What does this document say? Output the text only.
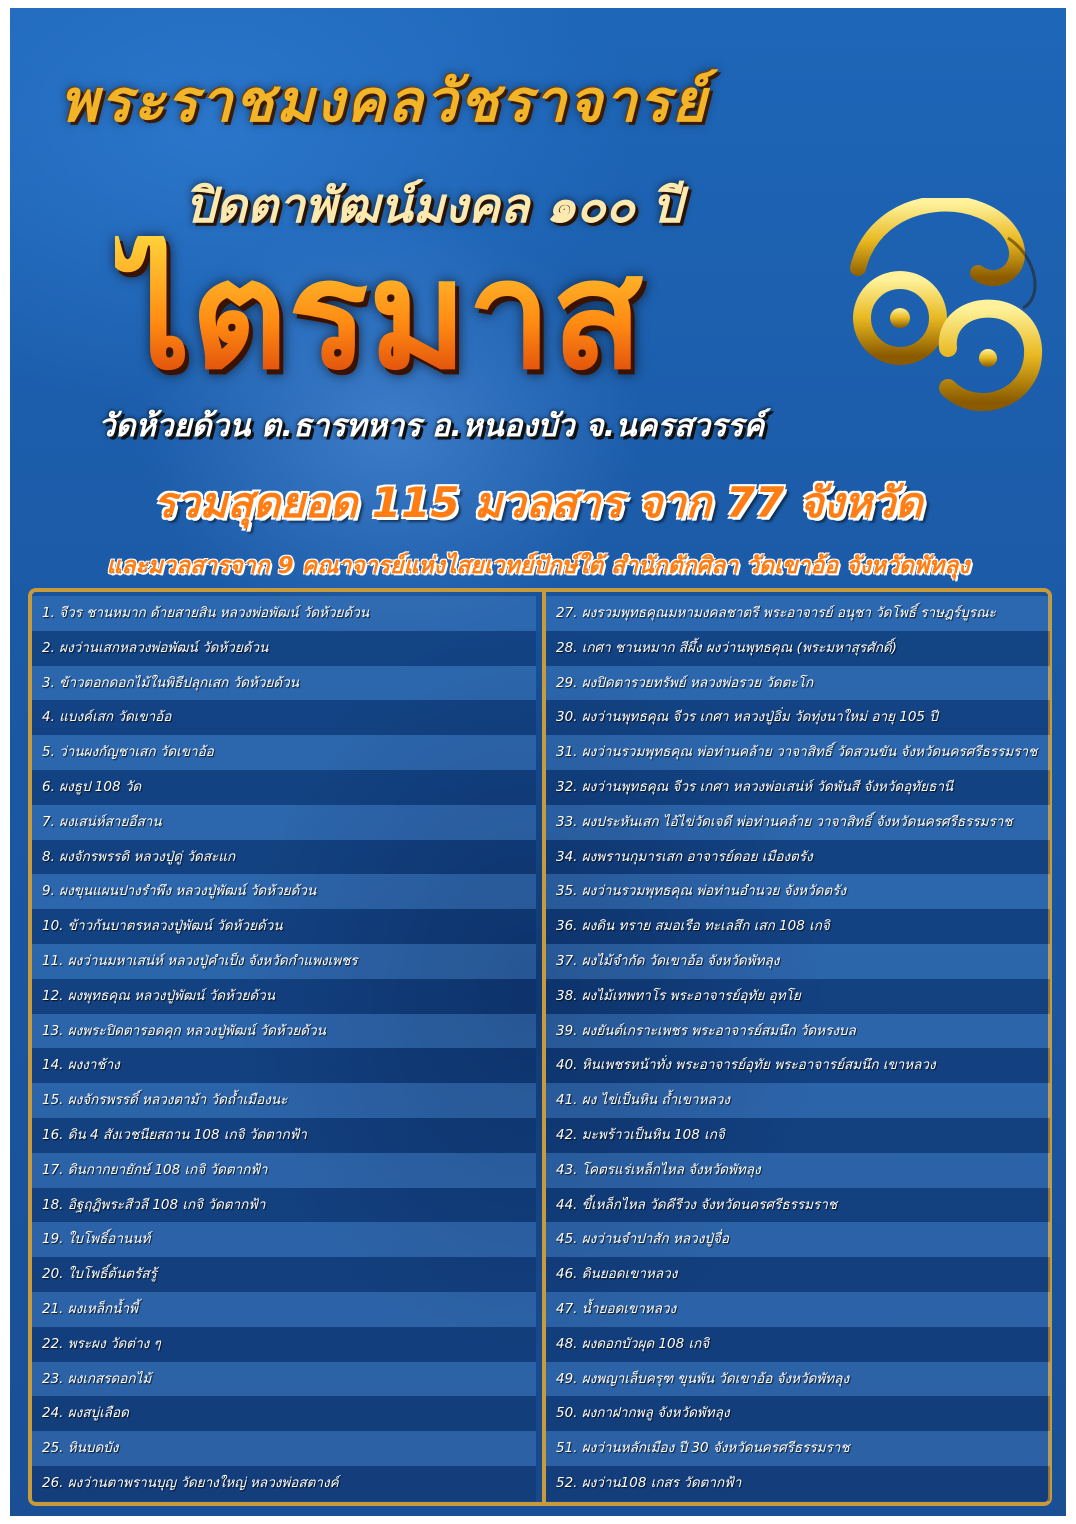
พระราชมงคลวัชราจารย์
ปิดตาพัฒน์มงคล ๑๐๐ ปี
ไตรมาส
วัดห้วยด้วน ต.ธารทหาร อ.หนองบัว จ.นครสวรรค์
รวมสุดยอด 115 มวลสาร จาก 77 จังหวัด
และมวลสารจาก 9 คณาจารย์แห่งไสยเวทย์ปักษ์ใต้ สำนักตักศิลา วัดเขาอ้อ จังหวัดพัทลุง
1. จีวร ชานหมาก ด้ายสายสิน หลวงพ่อพัฒน์ วัดห้วยด้วน
2. ผงว่านเสกหลวงพ่อพัฒน์ วัดห้วยด้วน
3. ข้าวตอกดอกไม้ในพิธีปลุกเสก วัดห้วยด้วน
4. แบงค์เสก วัดเขาอ้อ
5. ว่านผงกัญชาเสก วัดเขาอ้อ
6. ผงธูป 108 วัด
7. ผงเสน่ห์สายอีสาน
8. ผงจักรพรรดิ หลวงปู่ดู่ วัดสะแก
9. ผงขุนแผนปางรำพึง หลวงปู่พัฒน์ วัดห้วยด้วน
10. ข้าวก้นบาตรหลวงปู่พัฒน์ วัดห้วยด้วน
11. ผงว่านมหาเสน่ห์ หลวงปู่คำเป็ง จังหวัดกำแพงเพชร
12. ผงพุทธคุณ หลวงปู่พัฒน์ วัดห้วยด้วน
13. ผงพระปิดตารอดคุก หลวงปู่พัฒน์ วัดห้วยด้วน
14. ผงงาช้าง
15. ผงจักรพรรดิ์ หลวงตาม้า วัดถ้ำเมืองนะ
16. ดิน 4 สังเวชนียสถาน 108 เกจิ วัดตากฟ้า
17. ดินกากยายักษ์ 108 เกจิ วัดตากฟ้า
18. อิฐฤฎิพระสีวลี 108 เกจิ วัดตากฟ้า
19. ใบโพธิ์อานนท์
20. ใบโพธิ์ต้นตรัสรู้
21. ผงเหล็กน้ำพี้
22. พระผง วัดต่าง ๆ
23. ผงเกสรดอกไม้
24. ผงสบู่เลือด
25. หินบดบัง
26. ผงว่านตาพรานบุญ วัดยางใหญ่ หลวงพ่อสตางค์
27. ผงรวมพุทธคุณมหามงคลชาตรี พระอาจารย์ อนุชา วัดโพธิ์ ราษฎร์บูรณะ
28. เกศา ชานหมาก สีผึ้ง ผงว่านพุทธคุณ (พระมหาสุรศักดิ์)
29. ผงปิดตารวยทรัพย์ หลวงพ่อรวย วัดตะโก
30. ผงว่านพุทธคุณ จีวร เกศา หลวงปู่อิ่ม วัดทุ่งนาใหม่ อายุ 105 ปี
31. ผงว่านรวมพุทธคุณ พ่อท่านคล้าย วาจาสิทธิ์ วัดสวนขัน จังหวัดนครศรีธรรมราช
32. ผงว่านพุทธคุณ จีวร เกศา หลวงพ่อเสน่ห์ วัดพันสี จังหวัดอุทัยธานี
33. ผงประหันเสก ไอ้ไข่วัดเจดี พ่อท่านคล้าย วาจาสิทธิ์ จังหวัดนครศรีธรรมราช
34. ผงพรานกุมารเสก อาจารย์ดอย เมืองตรัง
35. ผงว่านรวมพุทธคุณ พ่อท่านอำนวย จังหวัดตรัง
36. ผงดิน ทราย สมอเรือ ทะเลสึก เสก 108 เกจิ
37. ผงไม้จำกัด วัดเขาอ้อ จังหวัดพัทลุง
38. ผงไม้เทพทาโร พระอาจารย์อุทัย อุทโย
39. ผงยันต์เกราะเพชร พระอาจารย์สมนึก วัดหรงบล
40. หินเพชรหน้าทั่ง พระอาจารย์อุทัย พระอาจารย์สมนึก เขาหลวง
41. ผง ไข่เป็นหิน ถ้ำเขาหลวง
42. มะพร้าวเป็นหิน 108 เกจิ
43. โคตรแร่เหล็กไหล จังหวัดพัทลุง
44. ขี้เหล็กไหล วัดคีรีวง จังหวัดนครศรีธรรมราช
45. ผงว่านจำปาสัก หลวงปู่จื่อ
46. ดินยอดเขาหลวง
47. น้ำยอดเขาหลวง
48. ผงดอกบัวผุด 108 เกจิ
49. ผงพญาเล็บครุฑ ขุนพัน วัดเขาอ้อ จังหวัดพัทลุง
50. ผงกาฝากพลู จังหวัดพัทลุง
51. ผงว่านหลักเมือง ปี 30 จังหวัดนครศรีธรรมราช
52. ผงว่าน108 เกสร วัดตากฟ้า
